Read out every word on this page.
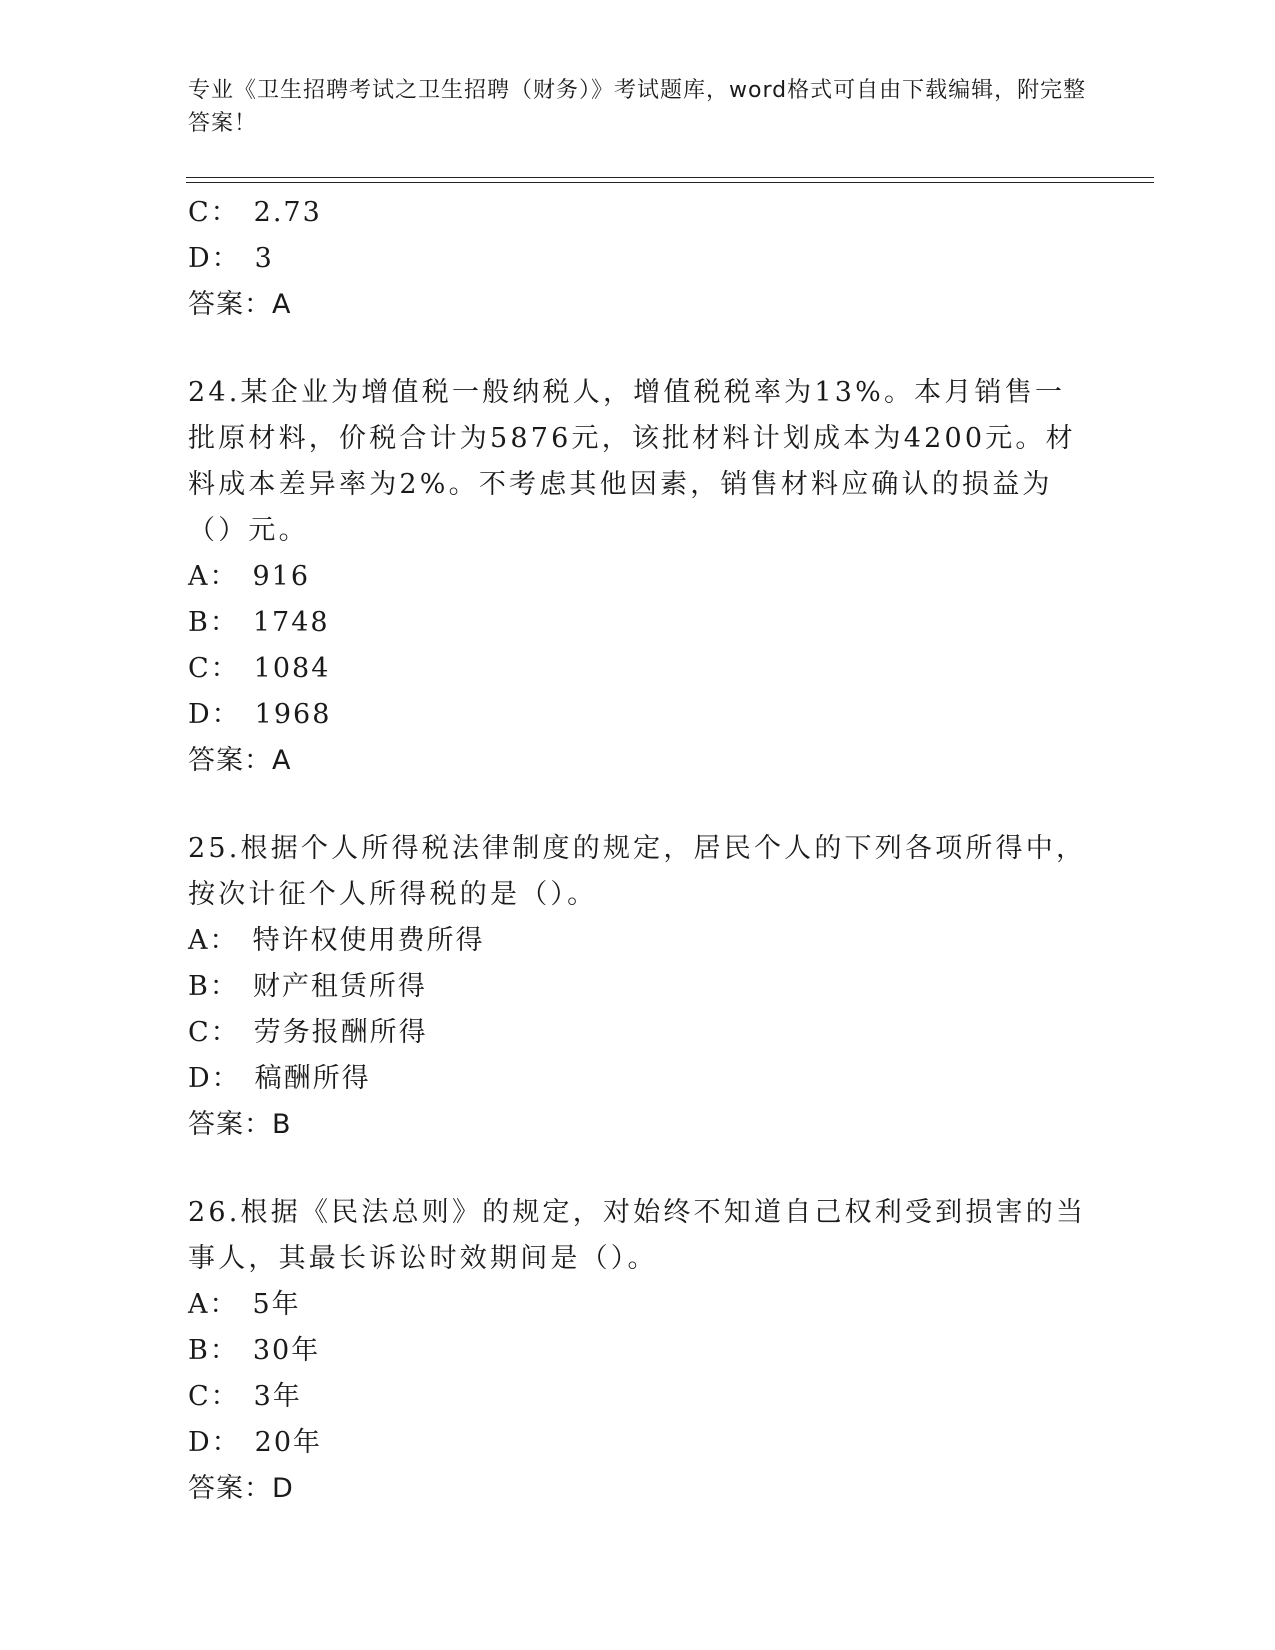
专业《卫生招聘考试之卫生招聘（财务）》考试题库，word格式可自由下载编辑，附完整答案！
C： 2.73
D： 3
答案：A
24.某企业为增值税一般纳税人，增值税税率为13%。本月销售一批原材料，价税合计为5876元，该批材料计划成本为4200元。材料成本差异率为2%。不考虑其他因素，销售材料应确认的损益为（）元。
A： 916
B： 1748
C： 1084
D： 1968
答案：A
25.根据个人所得税法律制度的规定，居民个人的下列各项所得中，按次计征个人所得税的是（）。
A： 特许权使用费所得
B： 财产租赁所得
C： 劳务报酬所得
D： 稿酬所得
答案：B
26.根据《民法总则》的规定，对始终不知道自己权利受到损害的当事人，其最长诉讼时效期间是（）。
A： 5年
B： 30年
C： 3年
D： 20年
答案：D
